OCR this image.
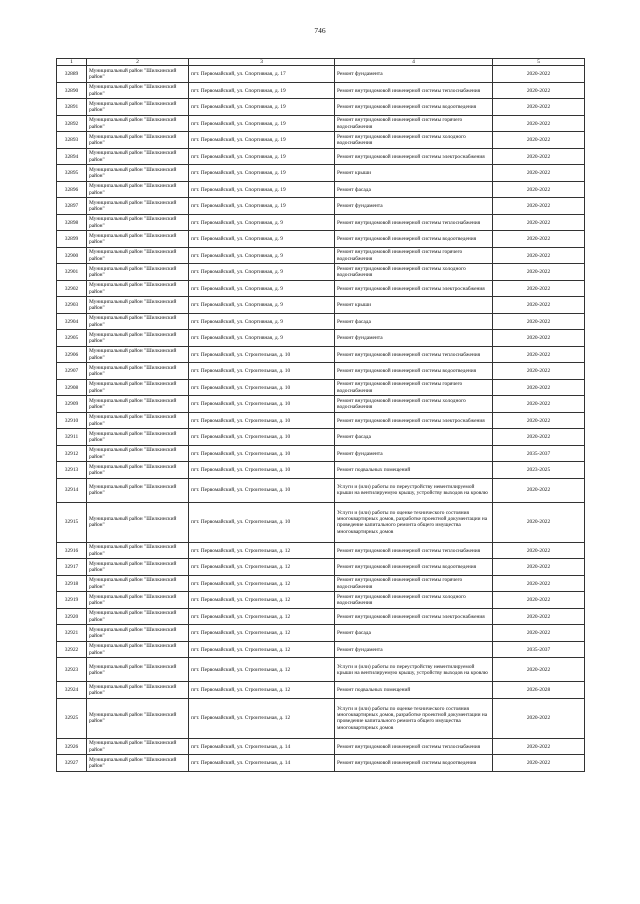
746
1	2	3	4	5
32889	Муниципальный район "Шилкинский район"	пгт. Первомайский, ул. Спортивная, д. 17	Ремонт фундамента	2020-2022
32890	Муниципальный район "Шилкинский район"	пгт. Первомайский, ул. Спортивная, д. 19	Ремонт внутридомовой инженерной системы теплоснабжения	2020-2022
32891	Муниципальный район "Шилкинский район"	пгт. Первомайский, ул. Спортивная, д. 19	Ремонт внутридомовой инженерной системы водоотведения	2020-2022
32892	Муниципальный район "Шилкинский район"	пгт. Первомайский, ул. Спортивная, д. 19	Ремонт внутридомовой инженерной системы горячего водоснабжения	2020-2022
32893	Муниципальный район "Шилкинский район"	пгт. Первомайский, ул. Спортивная, д. 19	Ремонт внутридомовой инженерной системы холодного водоснабжения	2020-2022
32894	Муниципальный район "Шилкинский район"	пгт. Первомайский, ул. Спортивная, д. 19	Ремонт внутридомовой инженерной системы электроснабжения	2020-2022
32895	Муниципальный район "Шилкинский район"	пгт. Первомайский, ул. Спортивная, д. 19	Ремонт крыши	2020-2022
32896	Муниципальный район "Шилкинский район"	пгт. Первомайский, ул. Спортивная, д. 19	Ремонт фасада	2020-2022
32897	Муниципальный район "Шилкинский район"	пгт. Первомайский, ул. Спортивная, д. 19	Ремонт фундамента	2020-2022
32898	Муниципальный район "Шилкинский район"	пгт. Первомайский, ул. Спортивная, д. 9	Ремонт внутридомовой инженерной системы теплоснабжения	2020-2022
32899	Муниципальный район "Шилкинский район"	пгт. Первомайский, ул. Спортивная, д. 9	Ремонт внутридомовой инженерной системы водоотведения	2020-2022
32900	Муниципальный район "Шилкинский район"	пгт. Первомайский, ул. Спортивная, д. 9	Ремонт внутридомовой инженерной системы горячего водоснабжения	2020-2022
32901	Муниципальный район "Шилкинский район"	пгт. Первомайский, ул. Спортивная, д. 9	Ремонт внутридомовой инженерной системы холодного водоснабжения	2020-2022
32902	Муниципальный район "Шилкинский район"	пгт. Первомайский, ул. Спортивная, д. 9	Ремонт внутридомовой инженерной системы электроснабжения	2020-2022
32903	Муниципальный район "Шилкинский район"	пгт. Первомайский, ул. Спортивная, д. 9	Ремонт крыши	2020-2022
32904	Муниципальный район "Шилкинский район"	пгт. Первомайский, ул. Спортивная, д. 9	Ремонт фасада	2020-2022
32905	Муниципальный район "Шилкинский район"	пгт. Первомайский, ул. Спортивная, д. 9	Ремонт фундамента	2020-2022
32906	Муниципальный район "Шилкинский район"	пгт. Первомайский, ул. Строительная, д. 10	Ремонт внутридомовой инженерной системы теплоснабжения	2020-2022
32907	Муниципальный район "Шилкинский район"	пгт. Первомайский, ул. Строительная, д. 10	Ремонт внутридомовой инженерной системы водоотведения	2020-2022
32908	Муниципальный район "Шилкинский район"	пгт. Первомайский, ул. Строительная, д. 10	Ремонт внутридомовой инженерной системы горячего водоснабжения	2020-2022
32909	Муниципальный район "Шилкинский район"	пгт. Первомайский, ул. Строительная, д. 10	Ремонт внутридомовой инженерной системы холодного водоснабжения	2020-2022
32910	Муниципальный район "Шилкинский район"	пгт. Первомайский, ул. Строительная, д. 10	Ремонт внутридомовой инженерной системы электроснабжения	2020-2022
32911	Муниципальный район "Шилкинский район"	пгт. Первомайский, ул. Строительная, д. 10	Ремонт фасада	2020-2022
32912	Муниципальный район "Шилкинский район"	пгт. Первомайский, ул. Строительная, д. 10	Ремонт фундамента	2035-2037
32913	Муниципальный район "Шилкинский район"	пгт. Первомайский, ул. Строительная, д. 10	Ремонт подвальных помещений	2023-2025
32914	Муниципальный район "Шилкинский район"	пгт. Первомайский, ул. Строительная, д. 10	Услуги и (или) работы по переустройству невентилируемой крыши на вентилируемую крышу, устройству выходов на кровлю	2020-2022
32915	Муниципальный район "Шилкинский район"	пгт. Первомайский, ул. Строительная, д. 10	Услуги и (или) работы по оценке технического состояния многоквартирных домов, разработке проектной документации на проведение капитального ремонта общего имущества многоквартирных домов	2020-2022
32916	Муниципальный район "Шилкинский район"	пгт. Первомайский, ул. Строительная, д. 12	Ремонт внутридомовой инженерной системы теплоснабжения	2020-2022
32917	Муниципальный район "Шилкинский район"	пгт. Первомайский, ул. Строительная, д. 12	Ремонт внутридомовой инженерной системы водоотведения	2020-2022
32918	Муниципальный район "Шилкинский район"	пгт. Первомайский, ул. Строительная, д. 12	Ремонт внутридомовой инженерной системы горячего водоснабжения	2020-2022
32919	Муниципальный район "Шилкинский район"	пгт. Первомайский, ул. Строительная, д. 12	Ремонт внутридомовой инженерной системы холодного водоснабжения	2020-2022
32920	Муниципальный район "Шилкинский район"	пгт. Первомайский, ул. Строительная, д. 12	Ремонт внутридомовой инженерной системы электроснабжения	2020-2022
32921	Муниципальный район "Шилкинский район"	пгт. Первомайский, ул. Строительная, д. 12	Ремонт фасада	2020-2022
32922	Муниципальный район "Шилкинский район"	пгт. Первомайский, ул. Строительная, д. 12	Ремонт фундамента	2035-2037
32923	Муниципальный район "Шилкинский район"	пгт. Первомайский, ул. Строительная, д. 12	Услуги и (или) работы по переустройству невентилируемой крыши на вентилируемую крышу, устройству выходов на кровлю	2020-2022
32924	Муниципальный район "Шилкинский район"	пгт. Первомайский, ул. Строительная, д. 12	Ремонт подвальных помещений	2026-2028
32925	Муниципальный район "Шилкинский район"	пгт. Первомайский, ул. Строительная, д. 12	Услуги и (или) работы по оценке технического состояния многоквартирных домов, разработке проектной документации на проведение капитального ремонта общего имущества многоквартирных домов	2020-2022
32926	Муниципальный район "Шилкинский район"	пгт. Первомайский, ул. Строительная, д. 14	Ремонт внутридомовой инженерной системы теплоснабжения	2020-2022
32927	Муниципальный район "Шилкинский район"	пгт. Первомайский, ул. Строительная, д. 14	Ремонт внутридомовой инженерной системы водоотведения	2020-2022
